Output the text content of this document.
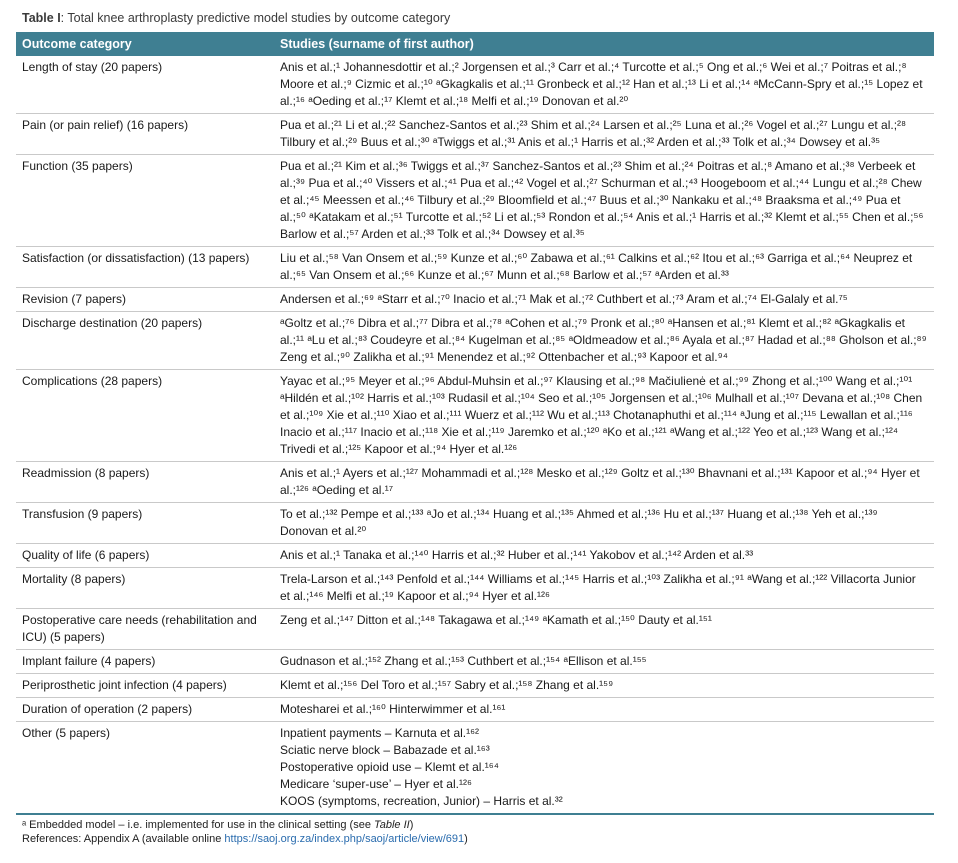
Table I: Total knee arthroplasty predictive model studies by outcome category
Outcome category	Studies (surname of first author)
Length of stay (20 papers)	Anis et al.;¹ Johannesdottir et al.;² Jorgensen et al.;³ Carr et al.;⁴ Turcotte et al.;⁵ Ong et al.;⁶ Wei et al.;⁷ Poitras et al.;⁸ Moore et al.;⁹ Cizmic et al.;¹⁰ ᵃGkagkalis et al.;¹¹ Gronbeck et al.;¹² Han et al.;¹³ Li et al.;¹⁴ ᵃMcCann-Spry et al.;¹⁵ Lopez et al.;¹⁶ ᵃOeding et al.;¹⁷ Klemt et al.;¹⁸ Melfi et al.;¹⁹ Donovan et al.²⁰

Pain (or pain relief) (16 papers)	Pua et al.;²¹ Li et al.;²² Sanchez-Santos et al.;²³ Shim et al.;²⁴ Larsen et al.;²⁵ Luna et al.;²⁶ Vogel et al.;²⁷ Lungu et al.;²⁸ Tilbury et al.;²⁹ Buus et al.;³⁰ ᵃTwiggs et al.;³¹ Anis et al.;¹ Harris et al.;³² Arden et al.;³³ Tolk et al.;³⁴ Dowsey et al.³⁵

Function (35 papers)	Pua et al.;²¹ Kim et al.;³⁶ Twiggs et al.;³⁷ Sanchez-Santos et al.;²³ Shim et al.;²⁴ Poitras et al.;⁸ Amano et al.;³⁸ Verbeek et al.;³⁹ Pua et al.;⁴⁰ Vissers et al.;⁴¹ Pua et al.;⁴² Vogel et al.;²⁷ Schurman et al.;⁴³ Hoogeboom et al.;⁴⁴ Lungu et al.;²⁸ Chew et al.;⁴⁵ Meessen et al.;⁴⁶ Tilbury et al.;²⁹ Bloomfield et al.;⁴⁷ Buus et al.;³⁰ Nankaku et al.;⁴⁸ Braaksma et al.;⁴⁹ Pua et al.;⁵⁰ ᵃKatakam et al.;⁵¹ Turcotte et al.;⁵² Li et al.;⁵³ Rondon et al.;⁵⁴ Anis et al.;¹ Harris et al.;³² Klemt et al.;⁵⁵ Chen et al.;⁵⁶ Barlow et al.;⁵⁷ Arden et al.;³³ Tolk et al.;³⁴ Dowsey et al.³⁵

Satisfaction (or dissatisfaction) (13 papers)	Liu et al.;⁵⁸ Van Onsem et al.;⁵⁹ Kunze et al.;⁶⁰ Zabawa et al.;⁶¹ Calkins et al.;⁶² Itou et al.;⁶³ Garriga et al.;⁶⁴ Neuprez et al.;⁶⁵ Van Onsem et al.;⁶⁶ Kunze et al.;⁶⁷ Munn et al.;⁶⁸ Barlow et al.;⁵⁷ ᵃArden et al.³³

Revision (7 papers)	Andersen et al.;⁶⁹ ᵃStarr et al.;⁷⁰ Inacio et al.;⁷¹ Mak et al.;⁷² Cuthbert et al.;⁷³ Aram et al.;⁷⁴ El-Galaly et al.⁷⁵

Discharge destination (20 papers)	ᵃGoltz et al.;⁷⁶ Dibra et al.;⁷⁷ Dibra et al.;⁷⁸ ᵃCohen et al.;⁷⁹ Pronk et al.;⁸⁰ ᵃHansen et al.;⁸¹ Klemt et al.;⁸² ᵃGkagkalis et al.;¹¹ ᵃLu et al.;⁸³ Coudeyre et al.;⁸⁴ Kugelman et al.;⁸⁵ ᵃOldmeadow et al.;⁸⁶ Ayala et al.;⁸⁷ Hadad et al.;⁸⁸ Gholson et al.;⁸⁹ Zeng et al.;⁹⁰ Zalikha et al.;⁹¹ Menendez et al.;⁹² Ottenbacher et al.;⁹³ Kapoor et al.⁹⁴

Complications (28 papers)	Yayac et al.;⁹⁵ Meyer et al.;⁹⁶ Abdul-Muhsin et al.;⁹⁷ Klausing et al.;⁹⁸ Mačiulienė et al.;⁹⁹ Zhong et al.;¹⁰⁰ Wang et al.;¹⁰¹ ᵃHildén et al.;¹⁰² Harris et al.;¹⁰³ Rudasil et al.;¹⁰⁴ Seo et al.;¹⁰⁵ Jorgensen et al.;¹⁰⁶ Mulhall et al.;¹⁰⁷ Devana et al.;¹⁰⁸ Chen et al.;¹⁰⁹ Xie et al.;¹¹⁰ Xiao et al.;¹¹¹ Wuerz et al.;¹¹² Wu et al.;¹¹³ Chotanaphuthi et al.;¹¹⁴ ᵃJung et al.;¹¹⁵ Lewallan et al.;¹¹⁶ Inacio et al.;¹¹⁷ Inacio et al.;¹¹⁸ Xie et al.;¹¹⁹ Jaremko et al.;¹²⁰ ᵃKo et al.;¹²¹ ᵃWang et al.;¹²² Yeo et al.;¹²³ Wang et al.;¹²⁴ Trivedi et al.;¹²⁵ Kapoor et al.;⁹⁴ Hyer et al.¹²⁶

Readmission (8 papers)	Anis et al.;¹ Ayers et al.;¹²⁷ Mohammadi et al.;¹²⁸ Mesko et al.;¹²⁹ Goltz et al.;¹³⁰ Bhavnani et al.;¹³¹ Kapoor et al.;⁹⁴ Hyer et al.;¹²⁶ ᵃOeding et al.¹⁷

Transfusion (9 papers)	To et al.;¹³² Pempe et al.;¹³³ ᵃJo et al.;¹³⁴ Huang et al.;¹³⁵ Ahmed et al.;¹³⁶ Hu et al.;¹³⁷ Huang et al.;¹³⁸ Yeh et al.;¹³⁹ Donovan et al.²⁰

Quality of life (6 papers)	Anis et al.;¹ Tanaka et al.;¹⁴⁰ Harris et al.;³² Huber et al.;¹⁴¹ Yakobov et al.;¹⁴² Arden et al.³³

Mortality (8 papers)	Trela-Larson et al.;¹⁴³ Penfold et al.;¹⁴⁴ Williams et al.;¹⁴⁵ Harris et al.;¹⁰³ Zalikha et al.;⁹¹ ᵃWang et al.;¹²² Villacorta Junior et al.;¹⁴⁶ Melfi et al.;¹⁹ Kapoor et al.;⁹⁴ Hyer et al.¹²⁶

Postoperative care needs (rehabilitation and ICU) (5 papers)	Zeng et al.;¹⁴⁷ Ditton et al.;¹⁴⁸ Takagawa et al.;¹⁴⁹ ᵃKamath et al.;¹⁵⁰ Dauty et al.¹⁵¹

Implant failure (4 papers)	Gudnason et al.;¹⁵² Zhang et al.;¹⁵³ Cuthbert et al.;¹⁵⁴ ᵃEllison et al.¹⁵⁵

Periprosthetic joint infection (4 papers)	Klemt et al.;¹⁵⁶ Del Toro et al.;¹⁵⁷ Sabry et al.;¹⁵⁸ Zhang et al.¹⁵⁹

Duration of operation (2 papers)	Motesharei et al.;¹⁶⁰ Hinterwimmer et al.¹⁶¹

Other (5 papers)	Inpatient payments – Karnuta et al.¹⁶²
Sciatic nerve block – Babazade et al.¹⁶³
Postoperative opioid use – Klemt et al.¹⁶⁴
Medicare ‘super-use’ – Hyer et al.¹²⁶
KOOS (symptoms, recreation, Junior) – Harris et al.³²
ᵃ Embedded model – i.e. implemented for use in the clinical setting (see Table II)
References: Appendix A (available online https://saoj.org.za/index.php/saoj/article/view/691)
